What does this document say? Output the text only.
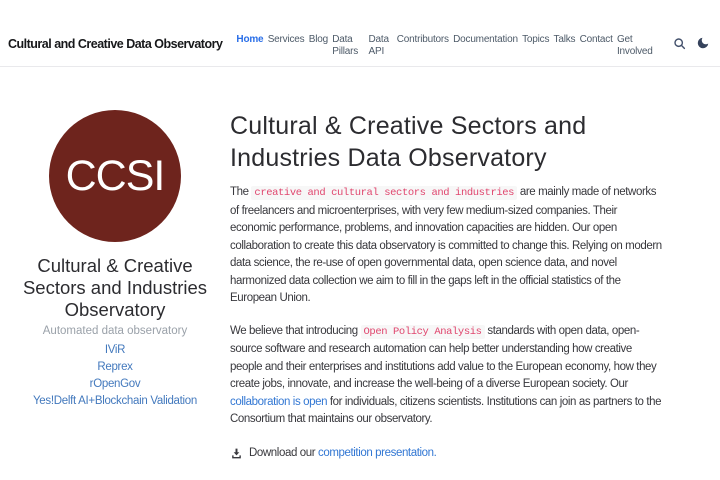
Cultural and Creative Data Observatory Home Services Blog Data Pillars
Data API
Contributors Documentation Topics Talks Contact Get Involved
CCSI
Cultural & Creative Sectors and Industries Observatory
Automated data observatory
IViR
Reprex
rOpenGov
Yes!Delft AI+Blockchain Validation
Cultural & Creative Sectors and Industries Data Observatory

The creative and cultural sectors and industries are mainly made of networks of freelancers and microenterprises, with very few medium-sized companies. Their economic performance, problems, and innovation capacities are hidden. Our open collaboration to create this data observatory is committed to change this. Relying on modern data science, the re-use of open governmental data, open science data, and novel harmonized data collection we aim to fill in the gaps left in the official statistics of the European Union.

We believe that introducing Open Policy Analysis standards with open data, open-source software and research automation can help better understanding how creative people and their enterprises and institutions add value to the European economy, how they create jobs, innovate, and increase the well-being of a diverse European society. Our collaboration is open for individuals, citizens scientists. Institutions can join as partners to the Consortium that maintains our observatory.

Download our competition presentation.
